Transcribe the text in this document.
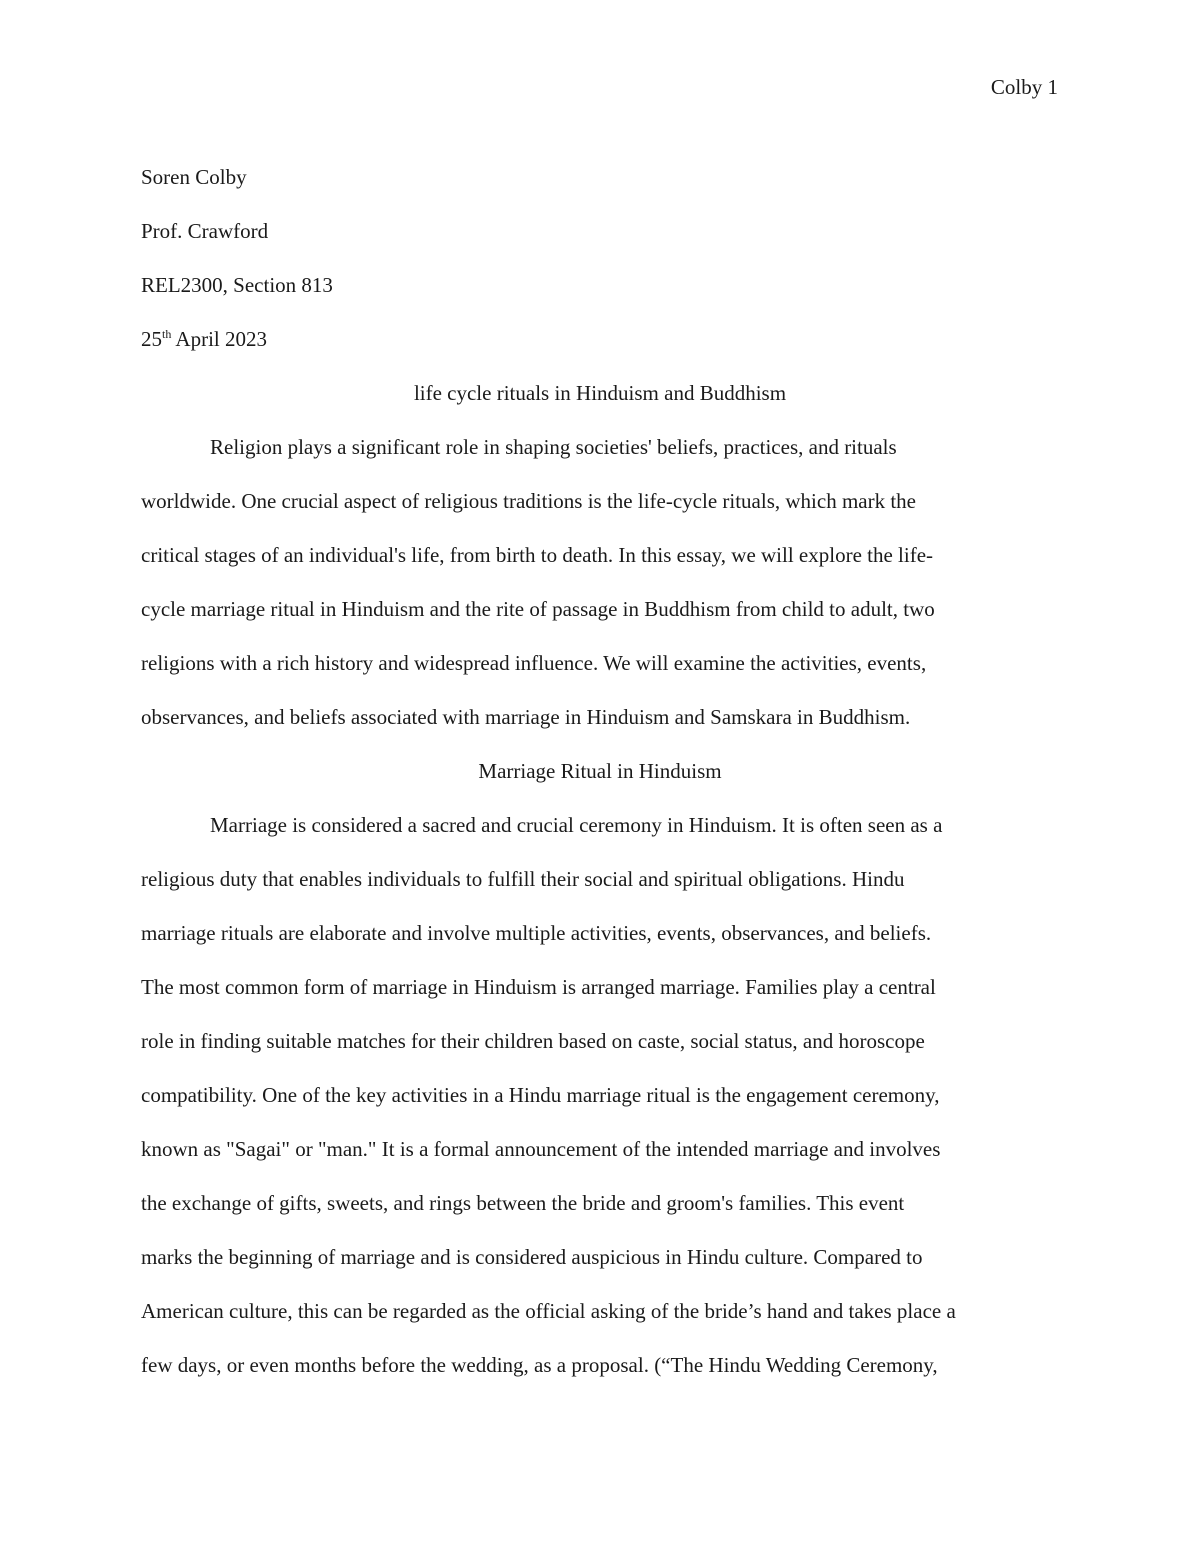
Colby 1
Soren Colby
Prof. Crawford
REL2300, Section 813
25th April 2023
life cycle rituals in Hinduism and Buddhism
Religion plays a significant role in shaping societies' beliefs, practices, and rituals
worldwide. One crucial aspect of religious traditions is the life-cycle rituals, which mark the
critical stages of an individual's life, from birth to death. In this essay, we will explore the life-
cycle marriage ritual in Hinduism and the rite of passage in Buddhism from child to adult, two
religions with a rich history and widespread influence. We will examine the activities, events,
observances, and beliefs associated with marriage in Hinduism and Samskara in Buddhism.
Marriage Ritual in Hinduism
Marriage is considered a sacred and crucial ceremony in Hinduism. It is often seen as a
religious duty that enables individuals to fulfill their social and spiritual obligations. Hindu
marriage rituals are elaborate and involve multiple activities, events, observances, and beliefs.
The most common form of marriage in Hinduism is arranged marriage. Families play a central
role in finding suitable matches for their children based on caste, social status, and horoscope
compatibility. One of the key activities in a Hindu marriage ritual is the engagement ceremony,
known as "Sagai" or "man." It is a formal announcement of the intended marriage and involves
the exchange of gifts, sweets, and rings between the bride and groom's families. This event
marks the beginning of marriage and is considered auspicious in Hindu culture. Compared to
American culture, this can be regarded as the official asking of the bride’s hand and takes place a
few days, or even months before the wedding, as a proposal. (“The Hindu Wedding Ceremony,
